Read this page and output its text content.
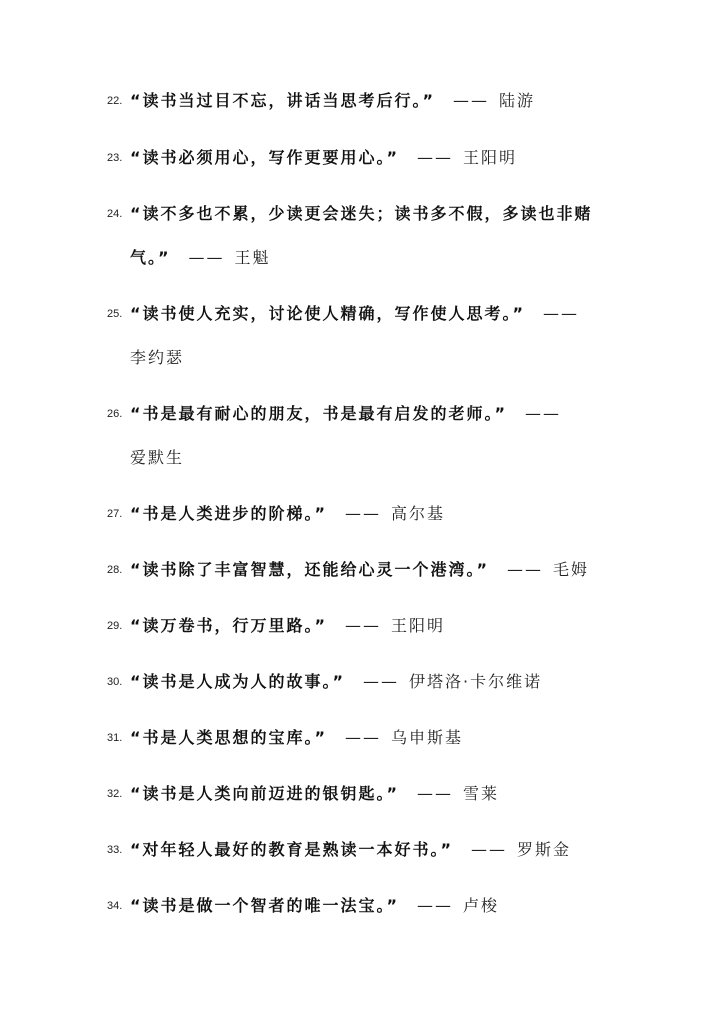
22. “读书当过目不忘，讲话当思考后行。” —— 陆游
23. “读书必须用心，写作更要用心。” —— 王阳明
24. “读不多也不累，少读更会迷失；读书多不假，多读也非赌
气。” —— 王魁
25. “读书使人充实，讨论使人精确，写作使人思考。” ——
李约瑟
26. “书是最有耐心的朋友，书是最有启发的老师。” ——
爱默生
27. “书是人类进步的阶梯。” —— 高尔基
28. “读书除了丰富智慧，还能给心灵一个港湾。” —— 毛姆
29. “读万卷书，行万里路。” —— 王阳明
30. “读书是人成为人的故事。” —— 伊塔洛·卡尔维诺
31. “书是人类思想的宝库。” —— 乌申斯基
32. “读书是人类向前迈进的银钥匙。” —— 雪莱
33. “对年轻人最好的教育是熟读一本好书。” —— 罗斯金
34. “读书是做一个智者的唯一法宝。” —— 卢梭
